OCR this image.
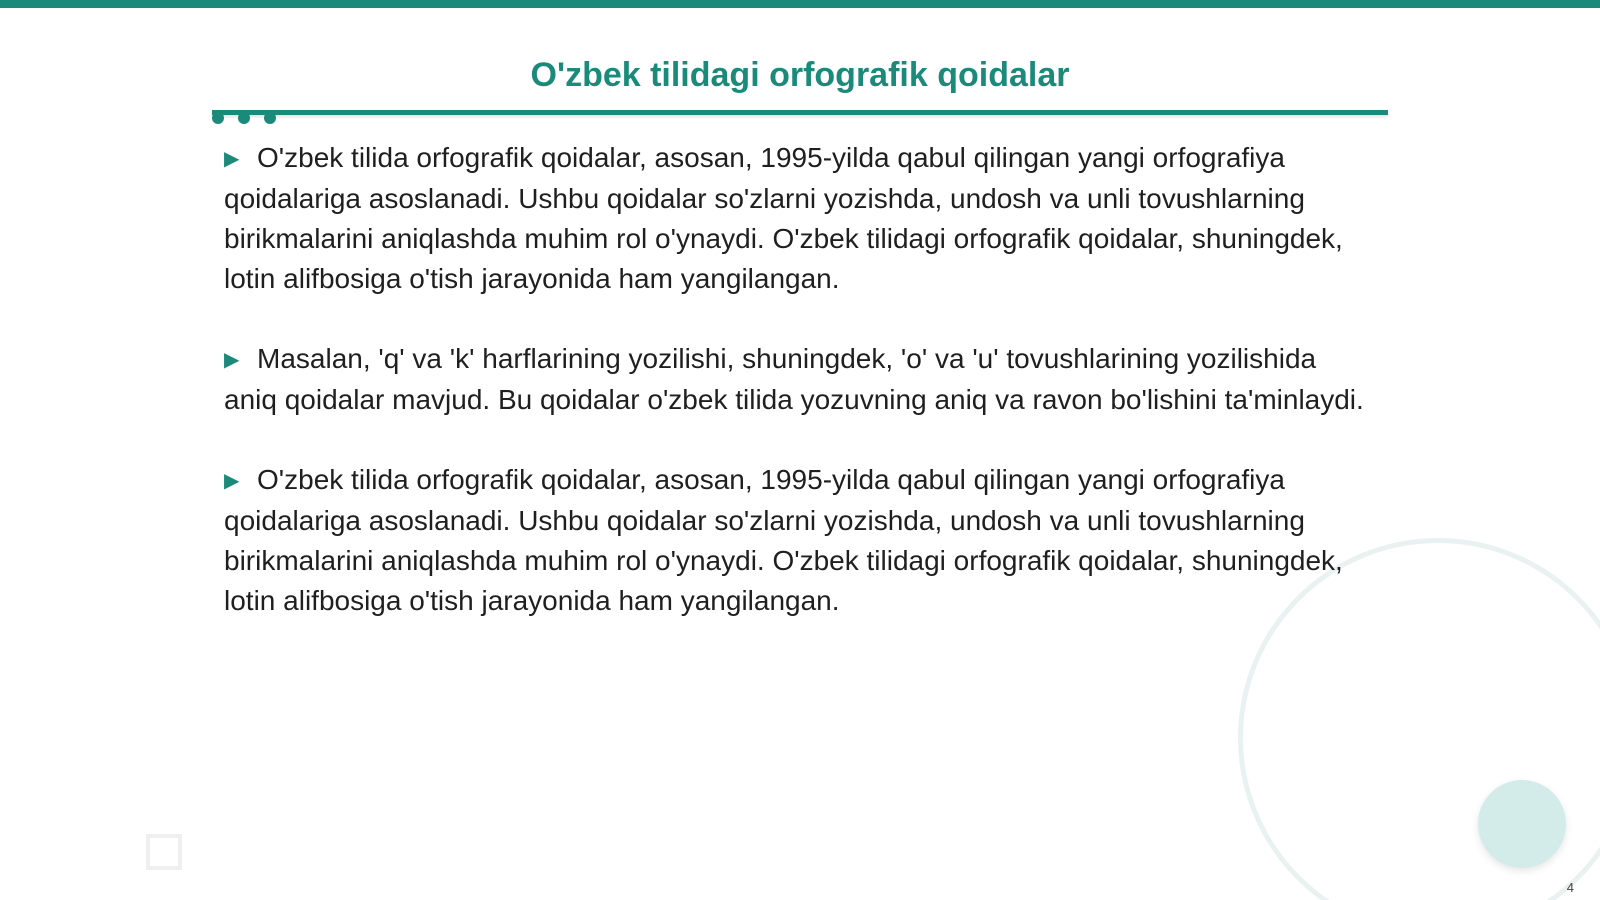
O'zbek tilidagi orfografik qoidalar

▶ O'zbek tilida orfografik qoidalar, asosan, 1995-yilda qabul qilingan yangi orfografiya qoidalariga asoslanadi. Ushbu qoidalar so'zlarni yozishda, undosh va unli tovushlarning birikmalarini aniqlashda muhim rol o'ynaydi. O'zbek tilidagi orfografik qoidalar, shuningdek, lotin alifbosiga o'tish jarayonida ham yangilangan.

▶ Masalan, 'q' va 'k' harflarining yozilishi, shuningdek, 'o' va 'u' tovushlarining yozilishida aniq qoidalar mavjud. Bu qoidalar o'zbek tilida yozuvning aniq va ravon bo'lishini ta'minlaydi.

▶ O'zbek tilida orfografik qoidalar, asosan, 1995-yilda qabul qilingan yangi orfografiya qoidalariga asoslanadi. Ushbu qoidalar so'zlarni yozishda, undosh va unli tovushlarning birikmalarini aniqlashda muhim rol o'ynaydi. O'zbek tilidagi orfografik qoidalar, shuningdek, lotin alifbosiga o'tish jarayonida ham yangilangan.

4
